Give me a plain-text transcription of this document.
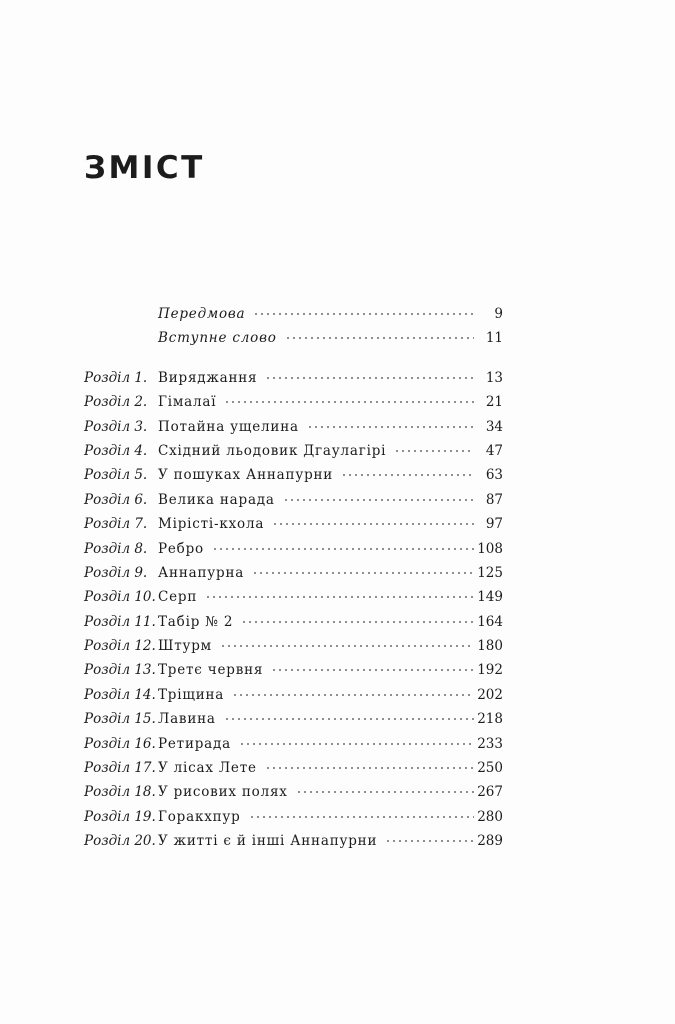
ЗМІСТ
Передмова	9
Вступне слово	11
Розділ 1. Виряджання	13
Розділ 2. Гімалаї	21
Розділ 3. Потайна ущелина	34
Розділ 4. Східний льодовик Дгаулагірі	47
Розділ 5. У пошуках Аннапурни	63
Розділ 6. Велика нарада	87
Розділ 7. Мірісті-кхола	97
Розділ 8. Ребро	108
Розділ 9. Аннапурна	125
Розділ 10. Серп	149
Розділ 11. Табір № 2	164
Розділ 12. Штурм	180
Розділ 13. Третє червня	192
Розділ 14. Тріщина	202
Розділ 15. Лавина	218
Розділ 16. Ретирада	233
Розділ 17. У лісах Лете	250
Розділ 18. У рисових полях	267
Розділ 19. Горакхпур	280
Розділ 20. У житті є й інші Аннапурни	289
